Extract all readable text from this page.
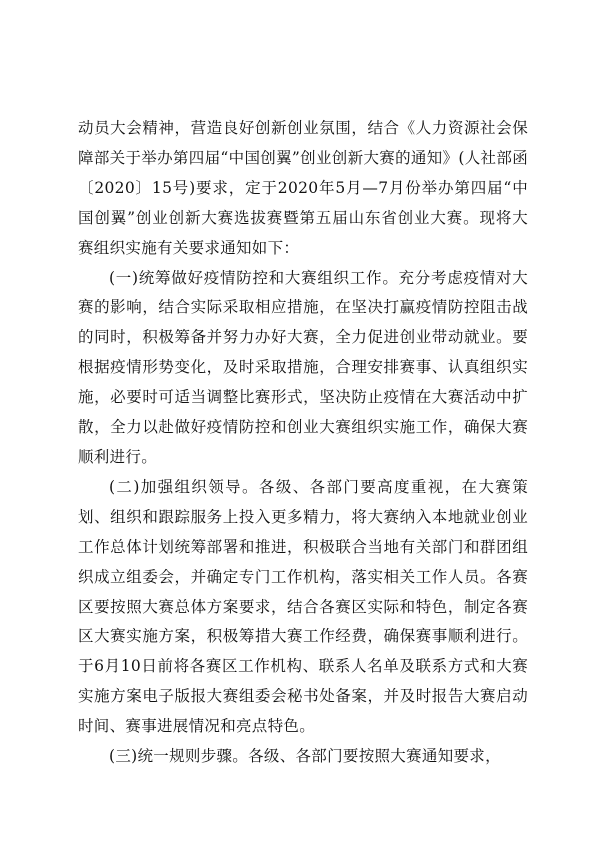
动员大会精神，营造良好创新创业氛围，结合《人力资源社会保障部关于举办第四届“中国创翼”创业创新大赛的通知》(人社部函〔2020〕15号)要求，定于2020年5月—7月份举办第四届“中国创翼”创业创新大赛选拔赛暨第五届山东省创业大赛。现将大赛组织实施有关要求通知如下：

(一)统筹做好疫情防控和大赛组织工作。充分考虑疫情对大赛的影响，结合实际采取相应措施，在坚决打赢疫情防控阻击战的同时，积极筹备并努力办好大赛，全力促进创业带动就业。要根据疫情形势变化，及时采取措施，合理安排赛事、认真组织实施，必要时可适当调整比赛形式，坚决防止疫情在大赛活动中扩散，全力以赴做好疫情防控和创业大赛组织实施工作，确保大赛顺利进行。

(二)加强组织领导。各级、各部门要高度重视，在大赛策划、组织和跟踪服务上投入更多精力，将大赛纳入本地就业创业工作总体计划统筹部署和推进，积极联合当地有关部门和群团组织成立组委会，并确定专门工作机构，落实相关工作人员。各赛区要按照大赛总体方案要求，结合各赛区实际和特色，制定各赛区大赛实施方案，积极筹措大赛工作经费，确保赛事顺利进行。于6月10日前将各赛区工作机构、联系人名单及联系方式和大赛实施方案电子版报大赛组委会秘书处备案，并及时报告大赛启动时间、赛事进展情况和亮点特色。

(三)统一规则步骤。各级、各部门要按照大赛通知要求，
